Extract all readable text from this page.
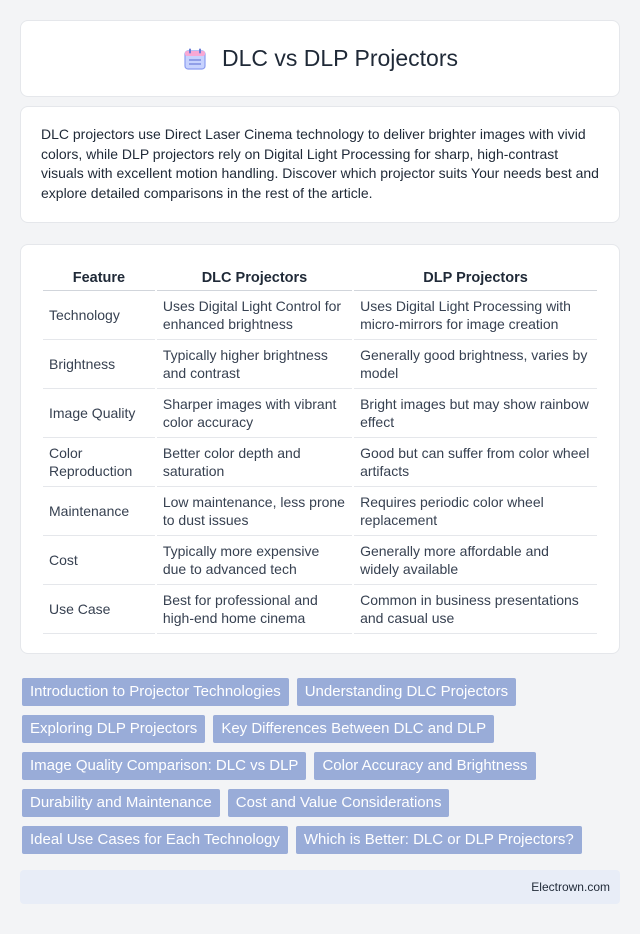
DLC vs DLP Projectors

DLC projectors use Direct Laser Cinema technology to deliver brighter images with vivid colors, while DLP projectors rely on Digital Light Processing for sharp, high-contrast visuals with excellent motion handling. Discover which projector suits Your needs best and explore detailed comparisons in the rest of the article.

Feature	DLC Projectors	DLP Projectors
Technology	Uses Digital Light Control for enhanced brightness	Uses Digital Light Processing with micro-mirrors for image creation
Brightness	Typically higher brightness and contrast	Generally good brightness, varies by model
Image Quality	Sharper images with vibrant color accuracy	Bright images but may show rainbow effect
Color Reproduction	Better color depth and saturation	Good but can suffer from color wheel artifacts
Maintenance	Low maintenance, less prone to dust issues	Requires periodic color wheel replacement
Cost	Typically more expensive due to advanced tech	Generally more affordable and widely available
Use Case	Best for professional and high-end home cinema	Common in business presentations and casual use
Introduction to Projector Technologies	Understanding DLC Projectors
Exploring DLP Projectors	Key Differences Between DLC and DLP
Image Quality Comparison: DLC vs DLP	Color Accuracy and Brightness
Durability and Maintenance	Cost and Value Considerations
Ideal Use Cases for Each Technology	Which is Better: DLC or DLP Projectors?
Electrown.com
